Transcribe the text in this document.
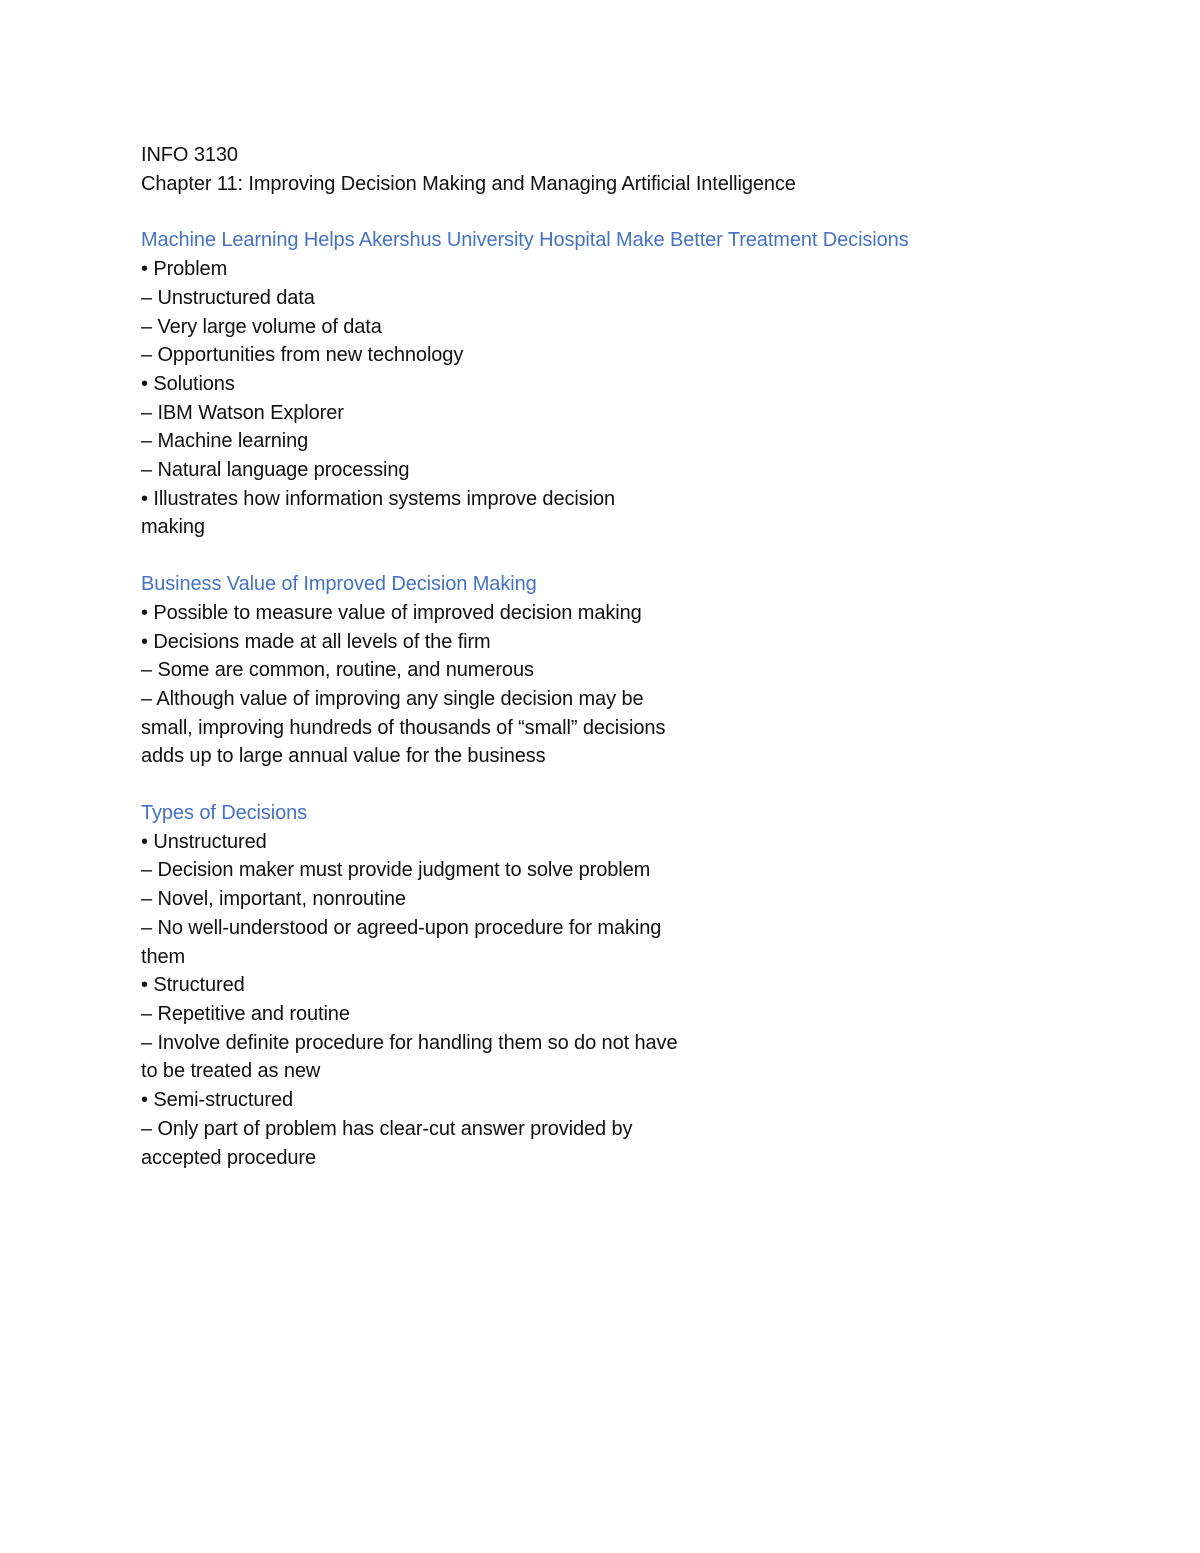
INFO 3130
Chapter 11: Improving Decision Making and Managing Artificial Intelligence
Machine Learning Helps Akershus University Hospital Make Better Treatment Decisions
• Problem
– Unstructured data
– Very large volume of data
– Opportunities from new technology
• Solutions
– IBM Watson Explorer
– Machine learning
– Natural language processing
• Illustrates how information systems improve decision
making
Business Value of Improved Decision Making
• Possible to measure value of improved decision making
• Decisions made at all levels of the firm
– Some are common, routine, and numerous
– Although value of improving any single decision may be
small, improving hundreds of thousands of “small” decisions
adds up to large annual value for the business
Types of Decisions
• Unstructured
– Decision maker must provide judgment to solve problem
– Novel, important, nonroutine
– No well-understood or agreed-upon procedure for making
them
• Structured
– Repetitive and routine
– Involve definite procedure for handling them so do not have
to be treated as new
• Semi-structured
– Only part of problem has clear-cut answer provided by
accepted procedure
